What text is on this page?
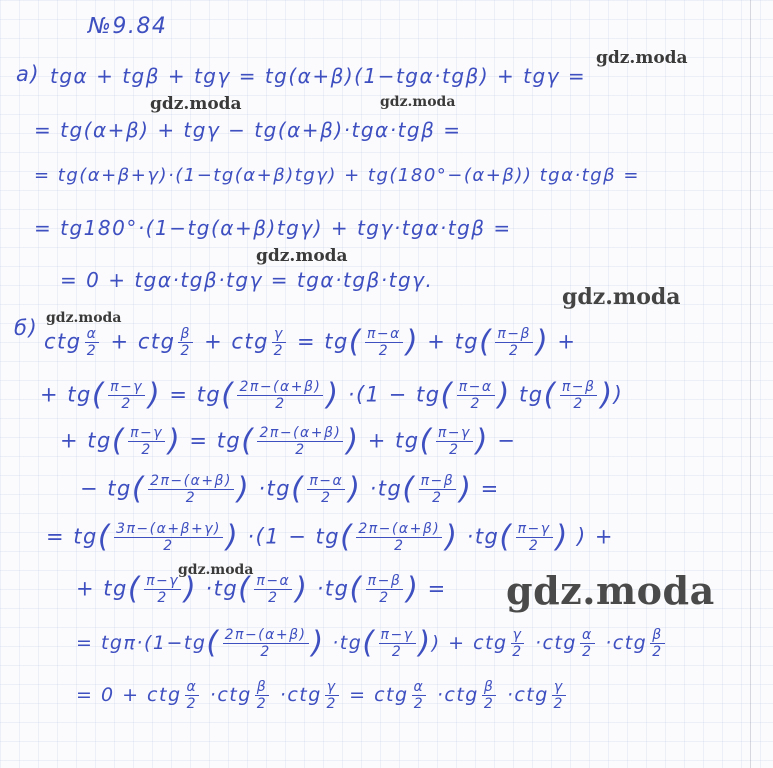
№9.84
а) tgα + tgβ + tgγ = tg(α+β)(1−tgα·tgβ) + tgγ =
= tg(α+β) + tgγ − tg(α+β)·tgα·tgβ =
= tg(α+β+γ)·(1−tg(α+β)tgγ) + tg(180°−(α+β)) tgα·tgβ =
= tg180°·(1−tg(α+β)tgγ) + tgγ·tgα·tgβ =
= 0 + tgα·tgβ·tgγ = tgα·tgβ·tgγ.
б)
ctg $\frac{\alpha}{2}$ + ctg $\frac{\beta}{2}$ + ctg $\frac{\gamma}{2} = tg( \frac{\pi-\alpha}{2}$ ) + $tg( \frac{\pi-\beta}{2}$ ) +
+ $tg( \frac{\pi-\gamma}{2}$ ) = $tg( \frac{2\pi-(\alpha+\beta)}{2}$ ) $\cdot(1 - tg( \frac{\pi-\alpha}{2}$ ) $tg( \frac{\pi-\beta}{2}$ ))
+ $tg( \frac{\pi-\gamma}{2}$ ) = $tg( \frac{2\pi-(\alpha+\beta)}{2}$ ) + $tg( \frac{\pi-\gamma}{2}$ ) −
− $tg( \frac{2\pi-(\alpha+\beta)}{2}$ ) $\cdot tg( \frac{\pi-\alpha}{2}$ ) $\cdot tg( \frac{\pi-\beta}{2}$ ) =
= $tg( \frac{3\pi-(\alpha+\beta+\gamma)}{2}$ ) $\cdot(1 - tg( \frac{2\pi-(\alpha+\beta)}{2}$ ) $\cdot tg( \frac{\pi-\gamma}{2}$ ) ) +
+ $tg( \frac{\pi-\gamma}{2}$ ) $\cdot tg( \frac{\pi-\alpha}{2}$ ) $\cdot tg( \frac{\pi-\beta}{2}$ ) =
= $tg\pi\cdot(1-tg( \frac{2\pi-(\alpha+\beta)}{2}$ ) $\cdot tg( \frac{\pi-\gamma}{2}$ )) + ctg $\frac{\gamma}{2} \cdot ctg \frac{\alpha}{2} \cdot ctg \frac{\beta}{2}$
= 0 + ctg $\frac{\alpha}{2} \cdot ctg \frac{\beta}{2} \cdot ctg \frac{\gamma}{2}$ = ctg $\frac{\alpha}{2} \cdot ctg \frac{\beta}{2} \cdot ctg \frac{\gamma}{2}$
gdz.moda
gdz.moda	gdz.moda
gdz.moda
gdz.moda
gdz.moda
gdz.moda	gdz.moda
